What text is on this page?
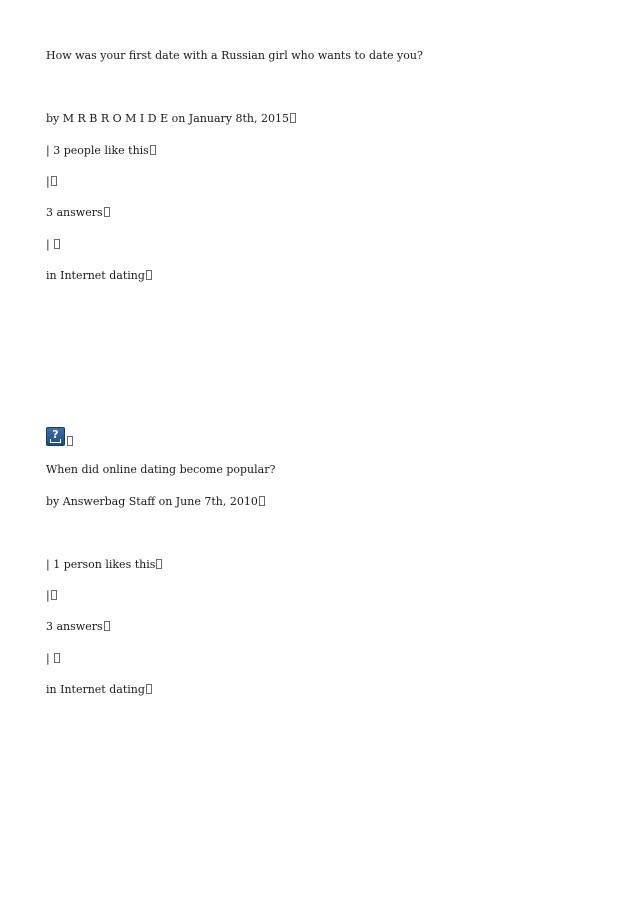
How was your first date with a Russian girl who wants to date you?
by M R B R O M I D E on January 8th, 2015
| 3 people like this
|
3 answers
|
in Internet dating
?
When did online dating become popular?
by Answerbag Staff on June 7th, 2010
| 1 person likes this
|
3 answers
|
in Internet dating
